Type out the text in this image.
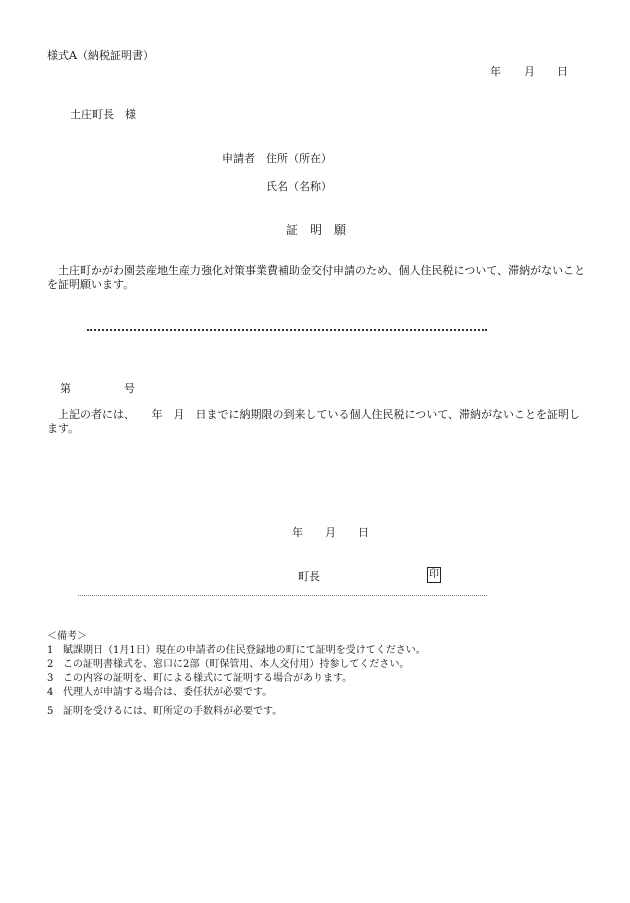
様式A（納税証明書）
年 月 日
土庄町長　様
申請者 住所（所在）
氏名（名称）
証　明　願
土庄町かがわ園芸産地生産力強化対策事業費補助金交付申請のため、個人住民税について、滞納がないことを証明願います。
第	号
上記の者には、　　年　月　日までに納期限の到来している個人住民税について、滞納がないことを証明します。
年 月 日
町長	印
＜備考＞
1 賦課期日（1月1日）現在の申請者の住民登録地の町にて証明を受けてください。
2 この証明書様式を、窓口に2部（町保管用、本人交付用）持参してください。
3 この内容の証明を、町による様式にて証明する場合があります。
4 代理人が申請する場合は、委任状が必要です。
5 証明を受けるには、町所定の手数料が必要です。
